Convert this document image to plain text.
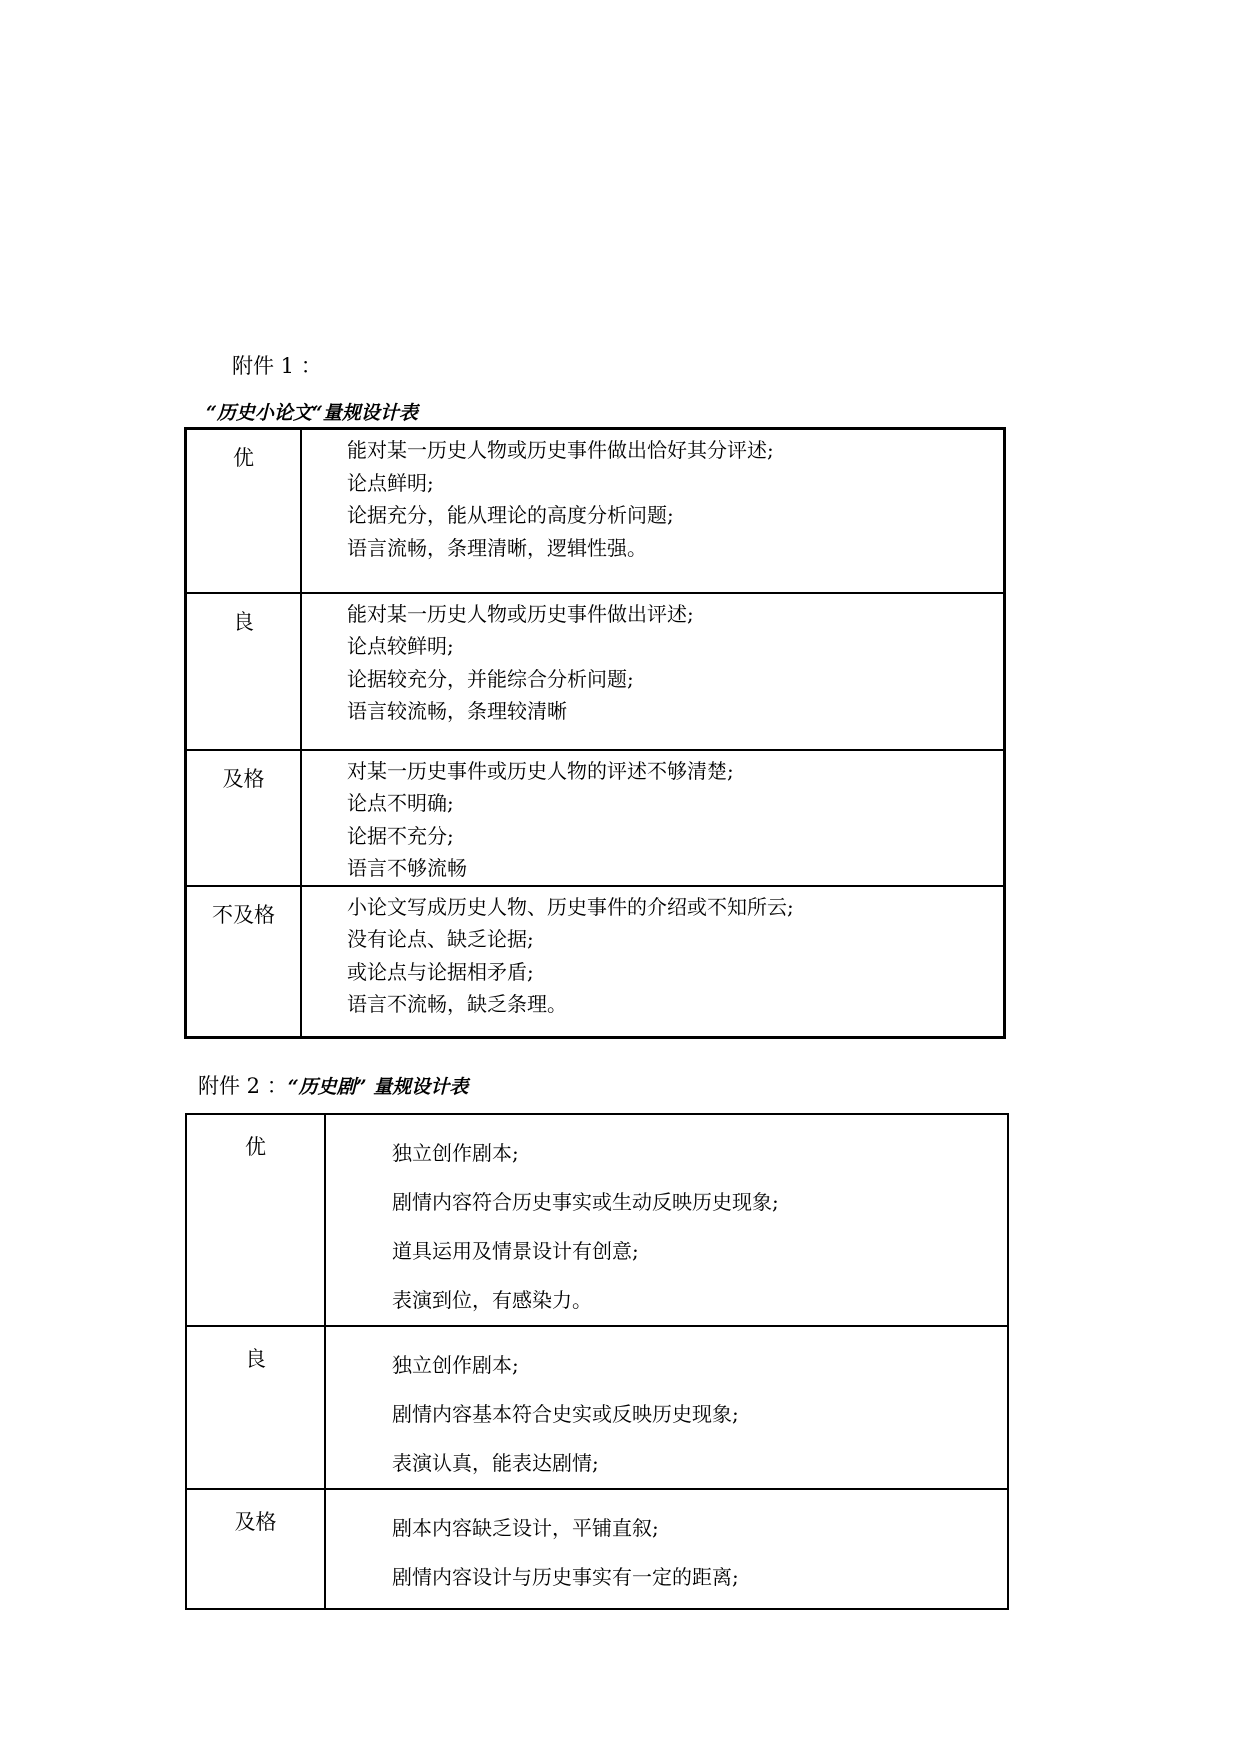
附件 1 ：
“历史小论文“量规设计表
优	能对某一历史人物或历史事件做出恰好其分评述;
论点鲜明;
论据充分，能从理论的高度分析问题;
语言流畅，条理清晰，逻辑性强。

良	能对某一历史人物或历史事件做出评述;
论点较鲜明;
论据较充分，并能综合分析问题;
语言较流畅，条理较清晰

及格	对某一历史事件或历史人物的评述不够清楚;
论点不明确;
论据不充分;
语言不够流畅

不及格	小论文写成历史人物、历史事件的介绍或不知所云;
没有论点、缺乏论据;
或论点与论据相矛盾;
语言不流畅，缺乏条理。
附件 2 ：“历史剧” 量规设计表
优	独立创作剧本;
剧情内容符合历史事实或生动反映历史现象;
道具运用及情景设计有创意;
表演到位，有感染力。

良	独立创作剧本;
剧情内容基本符合史实或反映历史现象;
表演认真，能表达剧情;

及格	剧本内容缺乏设计，平铺直叙;
剧情内容设计与历史事实有一定的距离;
